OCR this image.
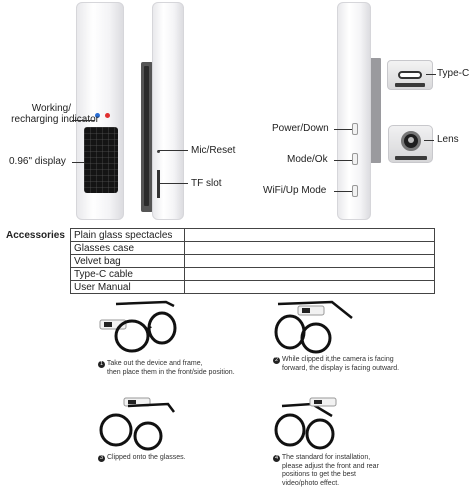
Working/
recharging indicator
0.96" display
Mic/Reset
TF slot
Power/Down
Mode/Ok
WiFi/Up Mode
Type-C
Lens
Accessories Plain glass spectacles	
Glasses case	
Velvet bag	
Type-C cable	
User Manual	
1 Take out the device and frame,
then place them in the front/side position.
2 While clipped it,the camera is facing
forward, the display is facing outward.
3 Clipped onto the glasses.	4 The standard for installation,
please adjust the front and rear
positions to get the best
video/photo effect.
